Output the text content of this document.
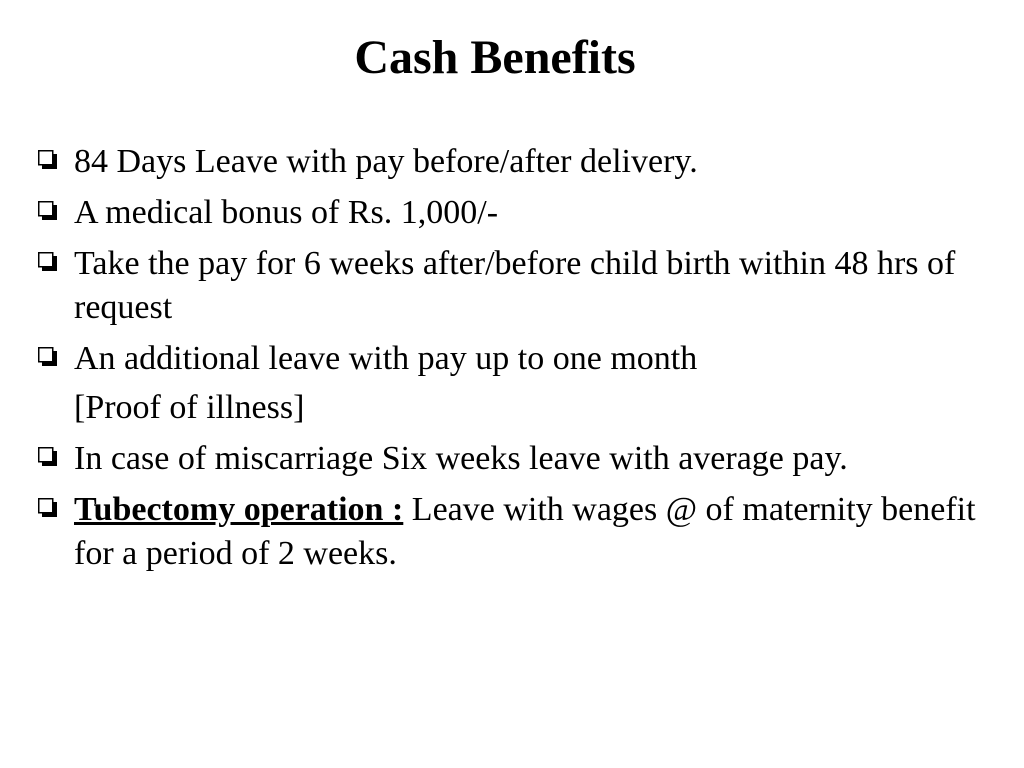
Cash Benefits
84 Days Leave with pay before/after delivery.
A medical bonus of Rs. 1,000/-
Take the pay for 6 weeks after/before child birth within 48 hrs of request
An additional leave with pay up to one month
[Proof of illness]
In case of miscarriage Six weeks leave with average pay.
Tubectomy operation : Leave with wages @ of maternity benefit for a period of 2 weeks.
